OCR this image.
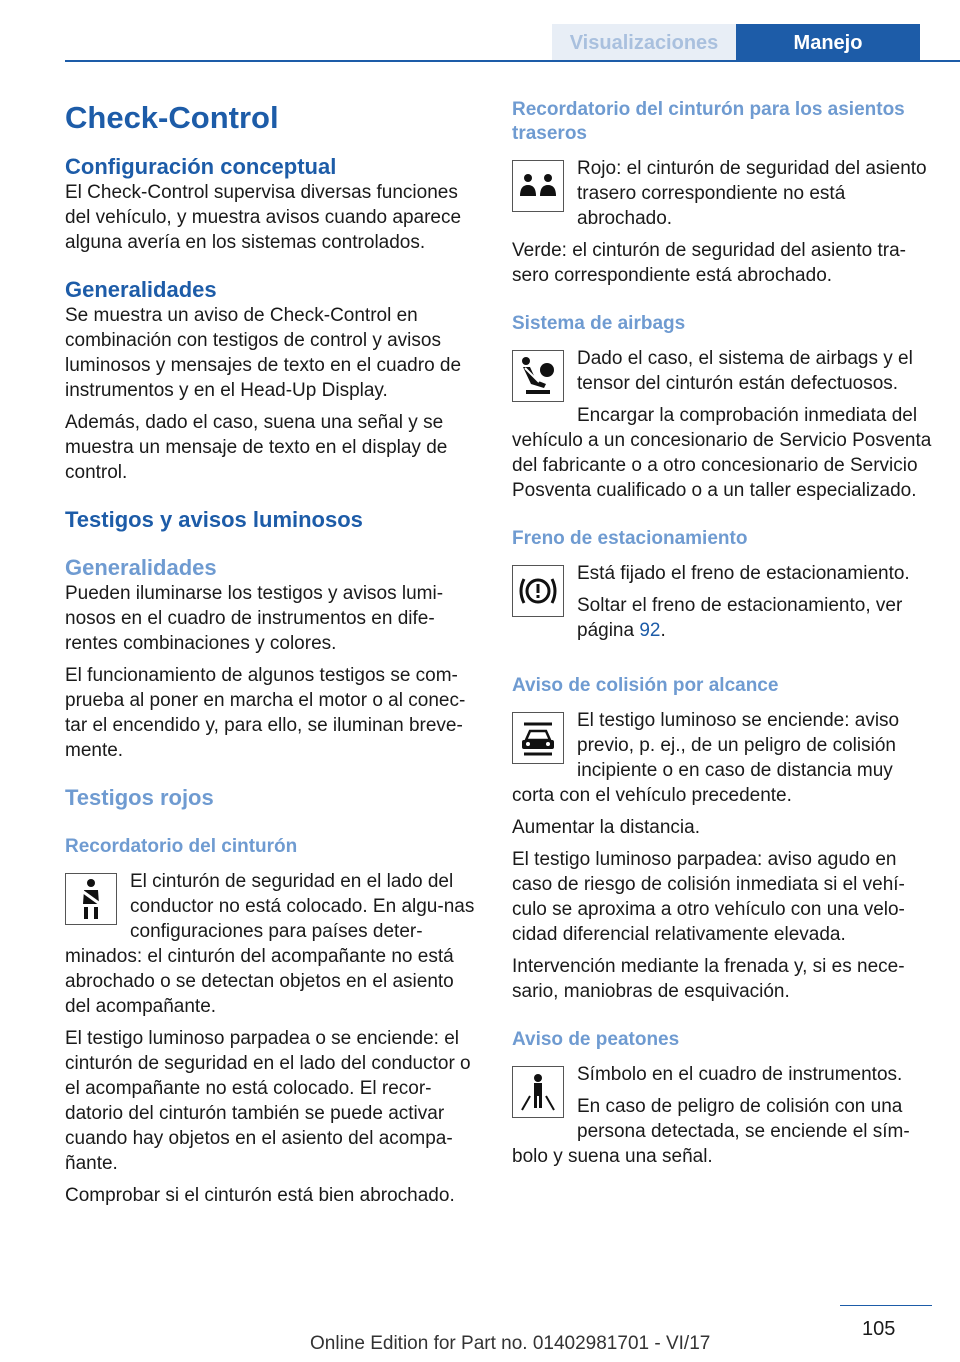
Visualizaciones	Manejo
Check-Control
Configuración conceptual

El Check-Control supervisa diversas funciones del vehículo, y muestra avisos cuando aparece alguna avería en los sistemas controlados.

Generalidades

Se muestra un aviso de Check-Control en combinación con testigos de control y avisos luminosos y mensajes de texto en el cuadro de instrumentos y en el Head-Up Display.

Además, dado el caso, suena una señal y se muestra un mensaje de texto en el display de control.

Testigos y avisos luminosos
Generalidades

Pueden iluminarse los testigos y avisos lumi‐nosos en el cuadro de instrumentos en dife‐rentes combinaciones y colores.

El funcionamiento de algunos testigos se com‐prueba al poner en marcha el motor o al conec‐tar el encendido y, para ello, se iluminan breve‐mente.

Testigos rojos
Recordatorio del cinturón

El cinturón de seguridad en el lado del conductor no está colocado. En algu‐nas configuraciones para países deter‐minados: el cinturón del acompañante no está abrochado o se detectan objetos en el asiento del acompañante.

El testigo luminoso parpadea o se enciende: el cinturón de seguridad en el lado del conductor o el acompañante no está colocado. El recor‐datorio del cinturón también se puede activar cuando hay objetos en el asiento del acompa‐ñante.

Comprobar si el cinturón está bien abrochado.

Recordatorio del cinturón para los asientos traseros

Rojo: el cinturón de seguridad del asiento trasero correspondiente no está abrochado.

Verde: el cinturón de seguridad del asiento tra‐sero correspondiente está abrochado.

Sistema de airbags

Dado el caso, el sistema de airbags y el tensor del cinturón están defectuosos.

Encargar la comprobación inmediata del vehículo a un concesionario de Servicio Posventa del fabricante o a otro concesionario de Servicio Posventa cualificado o a un taller especializado.

Freno de estacionamiento

Está fijado el freno de estacionamiento.

Soltar el freno de estacionamiento, ver página 92.

Aviso de colisión por alcance

El testigo luminoso se enciende: aviso previo, p. ej., de un peligro de colisión incipiente o en caso de distancia muy corta con el vehículo precedente.

Aumentar la distancia.

El testigo luminoso parpadea: aviso agudo en caso de riesgo de colisión inmediata si el vehí‐culo se aproxima a otro vehículo con una velo‐cidad diferencial relativamente elevada.

Intervención mediante la frenada y, si es nece‐sario, maniobras de esquivación.

Aviso de peatones

Símbolo en el cuadro de instrumentos.

En caso de peligro de colisión con una persona detectada, se enciende el sím‐bolo y suena una señal.

105
Online Edition for Part no. 01402981701 - VI/17
